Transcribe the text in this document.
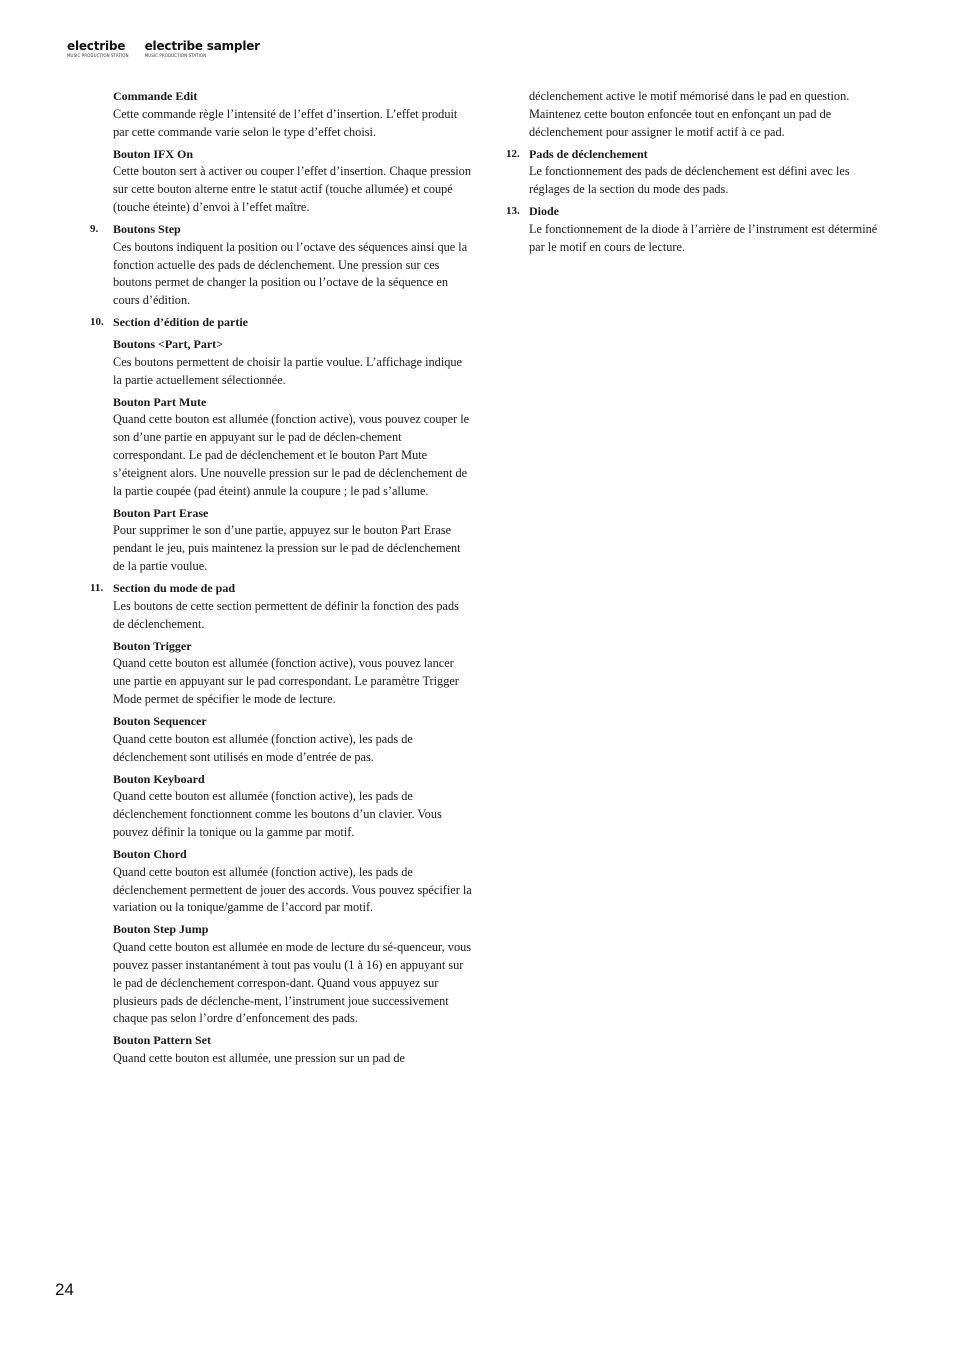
electribe
MUSIC PRODUCTION STATION
electribe sampler
MUSIC PRODUCTION STATION
Commande Edit
Cette commande règle l’intensité de l’effet d’insertion. L’effet produit par cette commande varie selon le type d’effet choisi.
Bouton IFX On
Cette bouton sert à activer ou couper l’effet d’insertion. Chaque pression sur cette bouton alterne entre le statut actif (touche allumée) et coupé (touche éteinte) d’envoi à l’effet maître.
9.	Boutons Step
Ces boutons indiquent la position ou l’octave des séquences ainsi que la fonction actuelle des pads de déclenchement. Une pression sur ces boutons permet de changer la position ou l’octave de la séquence en cours d’édition.
10. Section d’édition de partie
Boutons <Part, Part>
Ces boutons permettent de choisir la partie voulue. L’affichage indique la partie actuellement sélectionnée.
Bouton Part Mute
Quand cette bouton est allumée (fonction active), vous pouvez couper le son d’une partie en appuyant sur le pad de déclen-chement correspondant. Le pad de déclenchement et le bouton Part Mute s’éteignent alors. Une nouvelle pression sur le pad de déclenchement de la partie coupée (pad éteint) annule la coupure ; le pad s’allume.
Bouton Part Erase
Pour supprimer le son d’une partie, appuyez sur le bouton Part Erase pendant le jeu, puis maintenez la pression sur le pad de déclenchement de la partie voulue.
11. Section du mode de pad
Les boutons de cette section permettent de définir la fonction des pads de déclenchement.
Bouton Trigger
Quand cette bouton est allumée (fonction active), vous pouvez lancer une partie en appuyant sur le pad correspondant. Le paramètre Trigger Mode permet de spécifier le mode de lecture.
Bouton Sequencer
Quand cette bouton est allumée (fonction active), les pads de déclenchement sont utilisés en mode d’entrée de pas.
Bouton Keyboard
Quand cette bouton est allumée (fonction active), les pads de déclenchement fonctionnent comme les boutons d’un clavier. Vous pouvez définir la tonique ou la gamme par motif.
Bouton Chord
Quand cette bouton est allumée (fonction active), les pads de déclenchement permettent de jouer des accords. Vous pouvez spécifier la variation ou la tonique/gamme de l’accord par motif.
Bouton Step Jump
Quand cette bouton est allumée en mode de lecture du sé-quenceur, vous pouvez passer instantanément à tout pas voulu (1 à 16) en appuyant sur le pad de déclenchement correspon-dant. Quand vous appuyez sur plusieurs pads de déclenche-ment, l’instrument joue successivement chaque pas selon l’ordre d’enfoncement des pads.
Bouton Pattern Set
Quand cette bouton est allumée, une pression sur un pad de
déclenchement active le motif mémorisé dans le pad en question. Maintenez cette bouton enfoncée tout en enfonçant un pad de déclenchement pour assigner le motif actif à ce pad.
12. Pads de déclenchement
Le fonctionnement des pads de déclenchement est défini avec les réglages de la section du mode des pads.
13. Diode
Le fonctionnement de la diode à l’arrière de l’instrument est déterminé par le motif en cours de lecture.
24
